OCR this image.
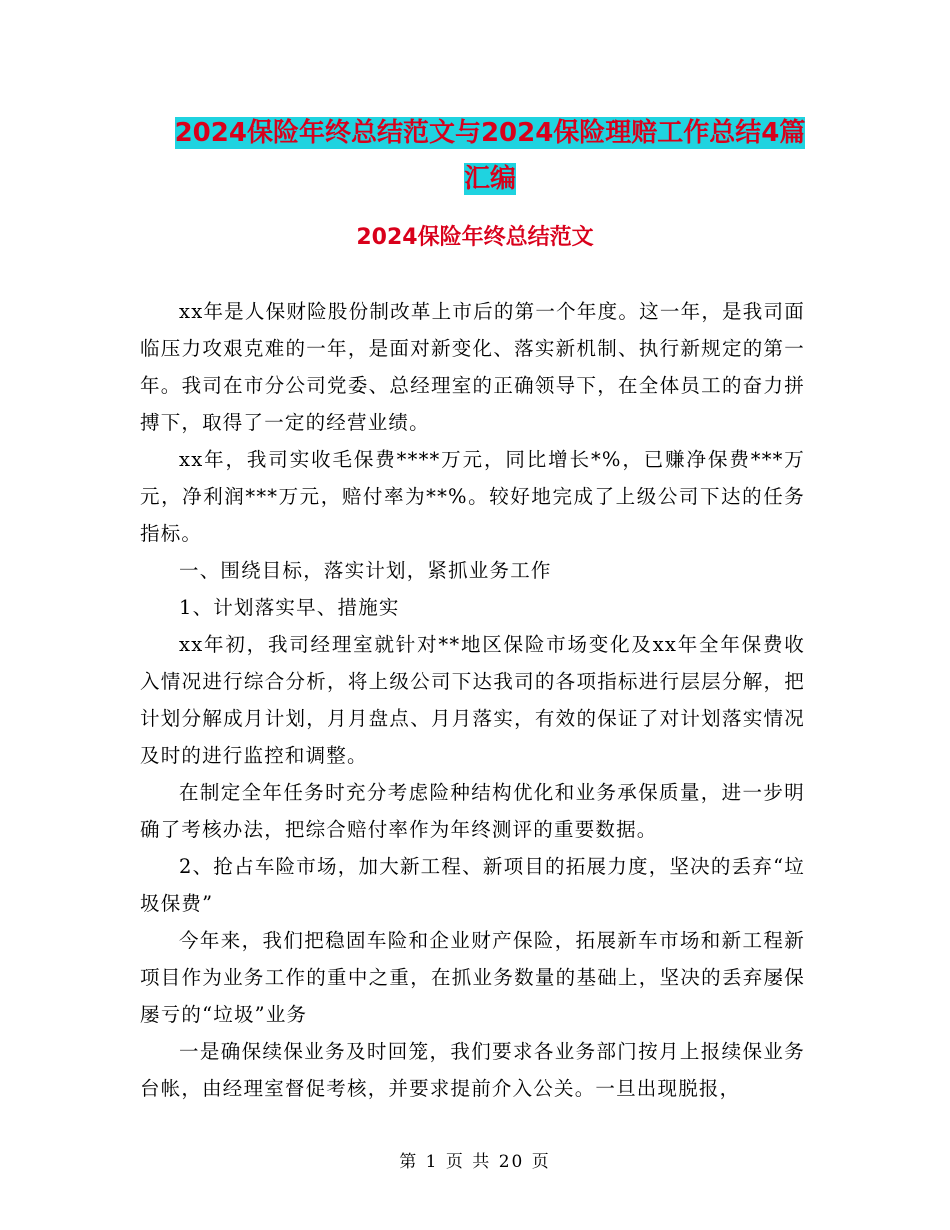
2024保险年终总结范文与2024保险理赔工作总结4篇
汇编
2024保险年终总结范文

xx年是人保财险股份制改革上市后的第一个年度。这一年，是我司面临压力攻艰克难的一年，是面对新变化、落实新机制、执行新规定的第一年。我司在市分公司党委、总经理室的正确领导下，在全体员工的奋力拼搏下，取得了一定的经营业绩。

xx年，我司实收毛保费****万元，同比增长*%，已赚净保费***万元，净利润***万元，赔付率为**%。较好地完成了上级公司下达的任务指标。

一、围绕目标，落实计划，紧抓业务工作

1、计划落实早、措施实

xx年初，我司经理室就针对**地区保险市场变化及xx年全年保费收入情况进行综合分析，将上级公司下达我司的各项指标进行层层分解，把计划分解成月计划，月月盘点、月月落实，有效的保证了对计划落实情况及时的进行监控和调整。

在制定全年任务时充分考虑险种结构优化和业务承保质量，进一步明确了考核办法，把综合赔付率作为年终测评的重要数据。

2、抢占车险市场，加大新工程、新项目的拓展力度，坚决的丢弃“垃圾保费”

今年来，我们把稳固车险和企业财产保险，拓展新车市场和新工程新项目作为业务工作的重中之重，在抓业务数量的基础上，坚决的丢弃屡保屡亏的“垃圾”业务

一是确保续保业务及时回笼，我们要求各业务部门按月上报续保业务台帐，由经理室督促考核，并要求提前介入公关。一旦出现脱报，

第 1 页 共 20 页
